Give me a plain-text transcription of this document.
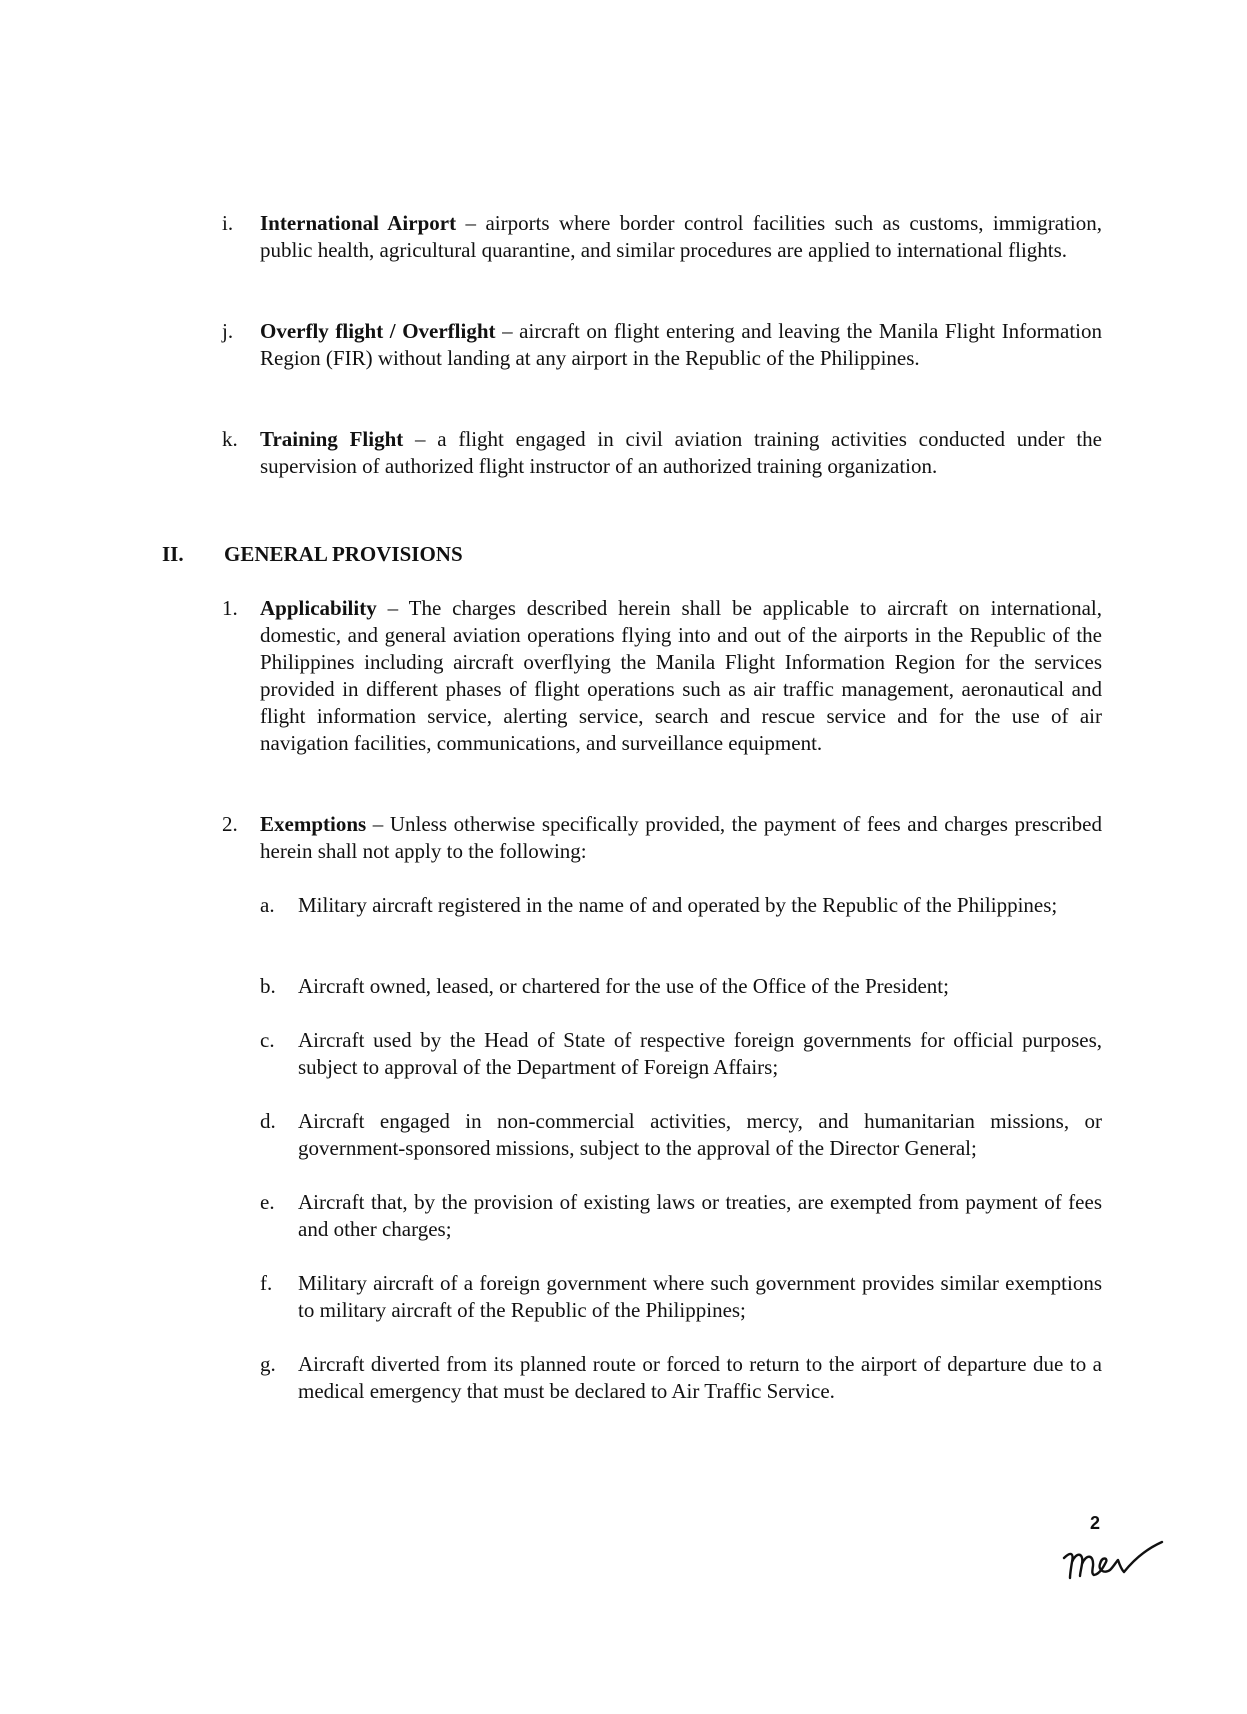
i. International Airport – airports where border control facilities such as customs, immigration, public health, agricultural quarantine, and similar procedures are applied to international flights.
j. Overfly flight / Overflight – aircraft on flight entering and leaving the Manila Flight Information Region (FIR) without landing at any airport in the Republic of the Philippines.
k. Training Flight – a flight engaged in civil aviation training activities conducted under the supervision of authorized flight instructor of an authorized training organization.
II. GENERAL PROVISIONS
1. Applicability – The charges described herein shall be applicable to aircraft on international, domestic, and general aviation operations flying into and out of the airports in the Republic of the Philippines including aircraft overflying the Manila Flight Information Region for the services provided in different phases of flight operations such as air traffic management, aeronautical and flight information service, alerting service, search and rescue service and for the use of air navigation facilities, communications, and surveillance equipment.
2. Exemptions – Unless otherwise specifically provided, the payment of fees and charges prescribed herein shall not apply to the following:
a. Military aircraft registered in the name of and operated by the Republic of the Philippines;
b. Aircraft owned, leased, or chartered for the use of the Office of the President;
c. Aircraft used by the Head of State of respective foreign governments for official purposes, subject to approval of the Department of Foreign Affairs;
d. Aircraft engaged in non-commercial activities, mercy, and humanitarian missions, or government-sponsored missions, subject to the approval of the Director General;
e. Aircraft that, by the provision of existing laws or treaties, are exempted from payment of fees and other charges;
f. Military aircraft of a foreign government where such government provides similar exemptions to military aircraft of the Republic of the Philippines;
g. Aircraft diverted from its planned route or forced to return to the airport of departure due to a medical emergency that must be declared to Air Traffic Service.
2
